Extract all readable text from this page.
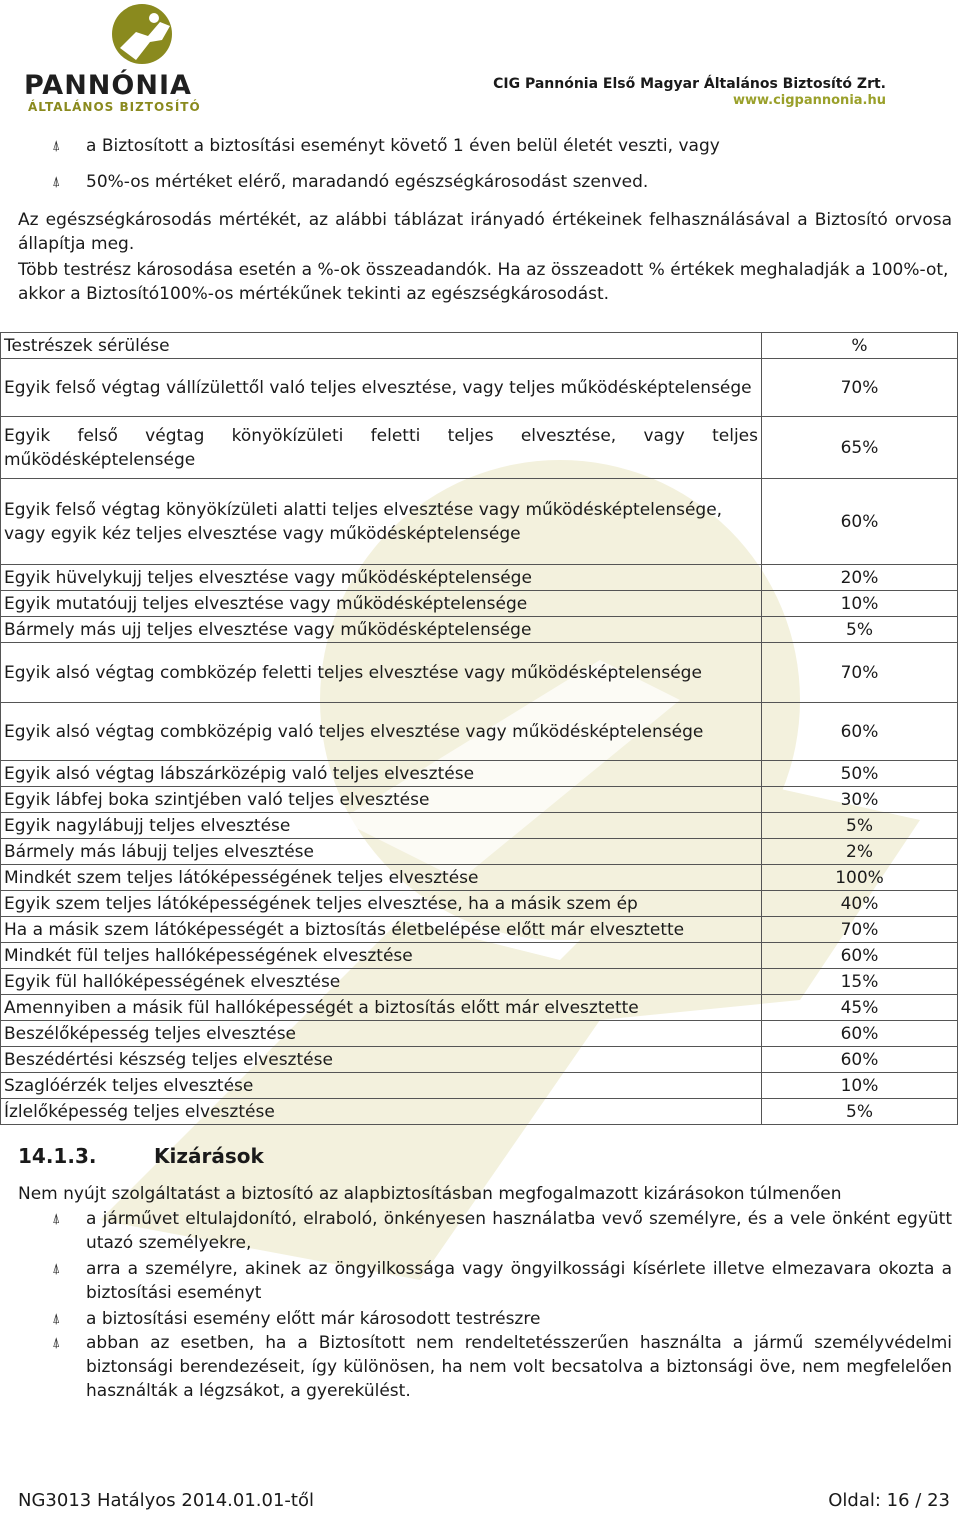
PANNÓNIA
ÁLTALÁNOS BIZTOSÍTÓ
CIG Pannónia Első Magyar Általános Biztosító Zrt.
www.cigpannonia.hu
⍋ a Biztosított a biztosítási eseményt követő 1 éven belül életét veszti, vagy
⍋ 50%-os mértéket elérő, maradandó egészségkárosodást szenved.
Az egészségkárosodás mértékét, az alábbi táblázat irányadó értékeinek felhasználásával a Biztosító orvosa állapítja meg.
Több testrész károsodása esetén a %-ok összeadandók. Ha az összeadott % értékek meghaladják a 100%-ot, akkor a Biztosító100%-os mértékűnek tekinti az egészségkárosodást.
Testrészek sérülése	%
Egyik felső végtag vállízülettől való teljes elvesztése, vagy teljes működésképtelensége	70%

Egyik felső végtag könyökízületi feletti teljes elvesztése, vagy teljes működésképtelensége	65%
Egyik felső végtag könyökízületi alatti teljes elvesztése vagy működésképtelensége, vagy egyik kéz teljes elvesztése vagy működésképtelensége	60%
Egyik hüvelykujj teljes elvesztése vagy működésképtelensége	20%
Egyik mutatóujj teljes elvesztése vagy működésképtelensége	10%
Bármely más ujj teljes elvesztése vagy működésképtelensége	5%
Egyik alsó végtag combközép feletti teljes elvesztése vagy működésképtelensége	70%
Egyik alsó végtag combközépig való teljes elvesztése vagy működésképtelensége	60%
Egyik alsó végtag lábszárközépig való teljes elvesztése	50%
Egyik lábfej boka szintjében való teljes elvesztése	30%
Egyik nagylábujj teljes elvesztése	5%
Bármely más lábujj teljes elvesztése	2%
Mindkét szem teljes látóképességének teljes elvesztése	100%
Egyik szem teljes látóképességének teljes elvesztése, ha a másik szem ép	40%
Ha a másik szem látóképességét a biztosítás életbelépése előtt már elvesztette	70%
Mindkét fül teljes hallóképességének elvesztése	60%
Egyik fül hallóképességének elvesztése	15%
Amennyiben a másik fül hallóképességét a biztosítás előtt már elvesztette	45%
Beszélőképesség teljes elvesztése	60%
Beszédértési készség teljes elvesztése	60%
Szaglóérzék teljes elvesztése	10%
Ízlelőképesség teljes elvesztése	5%
14.1.3.	Kizárások
Nem nyújt szolgáltatást a biztosító az alapbiztosításban megfogalmazott kizárásokon túlmenően
⍋ a járművet eltulajdonító, elraboló, önkényesen használatba vevő személyre, és a vele önként együtt utazó személyekre,
⍋ arra a személyre, akinek az öngyilkossága vagy öngyilkossági kísérlete illetve elmezavara okozta a biztosítási eseményt
⍋ a biztosítási esemény előtt már károsodott testrészre
⍋ abban az esetben, ha a Biztosított nem rendeltetésszerűen használta a jármű személyvédelmi biztonsági berendezéseit, így különösen, ha nem volt becsatolva a biztonsági öve, nem megfelelően használták a légzsákot, a gyerekülést.
NG3013 Hatályos 2014.01.01-től	Oldal: 16 / 23
